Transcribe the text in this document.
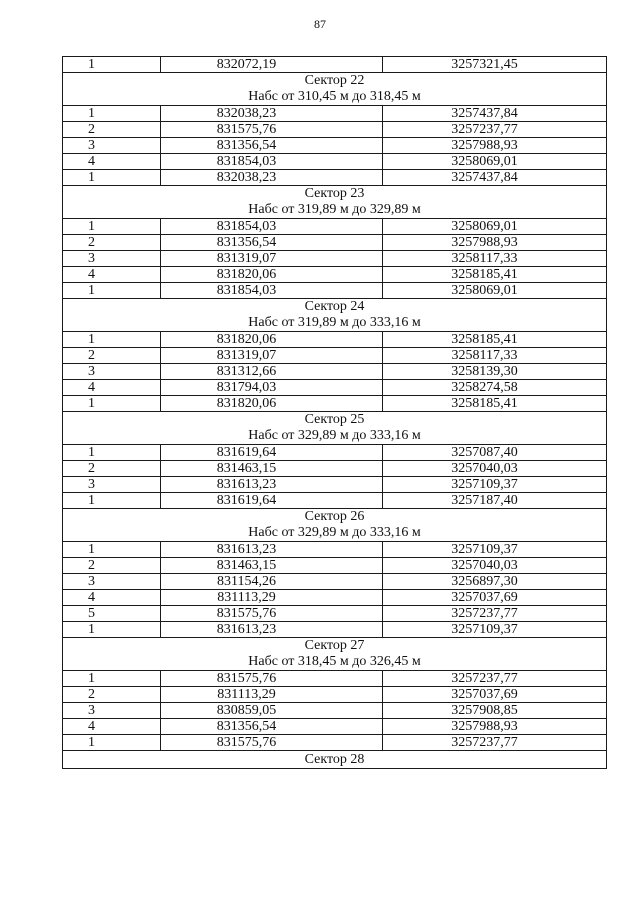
87
1	832072,19	3257321,45

Сектор 22
Набс от 310,45 м до 318,45 м		

1	832038,23	3257437,84
2	831575,76	3257237,77
3	831356,54	3257988,93
4	831854,03	3258069,01
1	832038,23	3257437,84

Сектор 23
Набс от 319,89 м до 329,89 м		

1	831854,03	3258069,01
2	831356,54	3257988,93
3	831319,07	3258117,33
4	831820,06	3258185,41
1	831854,03	3258069,01

Сектор 24
Набс от 319,89 м до 333,16 м		

1	831820,06	3258185,41
2	831319,07	3258117,33
3	831312,66	3258139,30
4	831794,03	3258274,58
1	831820,06	3258185,41

Сектор 25
Набс от 329,89 м до 333,16 м		

1	831619,64	3257087,40
2	831463,15	3257040,03
3	831613,23	3257109,37
1	831619,64	3257187,40

Сектор 26
Набс от 329,89 м до 333,16 м		

1	831613,23	3257109,37
2	831463,15	3257040,03
3	831154,26	3256897,30
4	831113,29	3257037,69
5	831575,76	3257237,77
1	831613,23	3257109,37

Сектор 27
Набс от 318,45 м до 326,45 м		

1	831575,76	3257237,77
2	831113,29	3257037,69
3	830859,05	3257908,85
4	831356,54	3257988,93
1	831575,76	3257237,77

Сектор 28		
